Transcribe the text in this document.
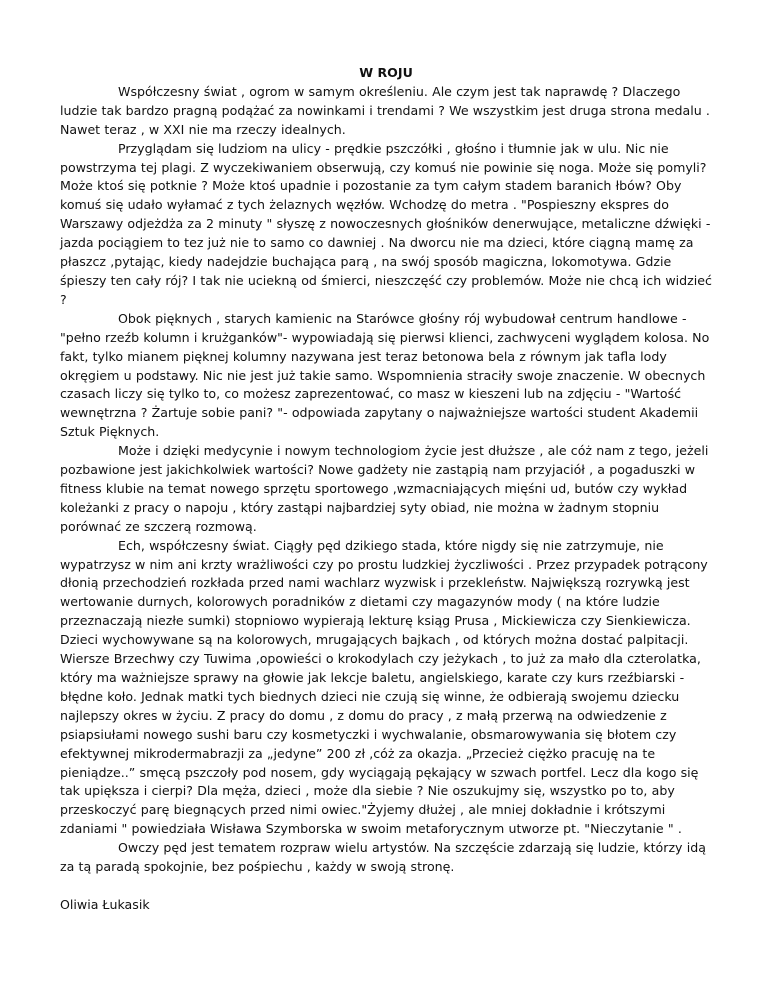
W ROJU

Współczesny świat , ogrom w samym określeniu. Ale czym jest tak naprawdę ? Dlaczego ludzie tak bardzo pragną podążać za nowinkami i trendami ? We wszystkim jest druga strona medalu . Nawet teraz , w XXI nie ma rzeczy idealnych.

Przyglądam się ludziom na ulicy - prędkie pszczółki , głośno i tłumnie jak w ulu. Nic nie powstrzyma tej plagi. Z wyczekiwaniem obserwują, czy komuś nie powinie się noga. Może się pomyli? Może ktoś się potknie ? Może ktoś upadnie i pozostanie za tym całym stadem baranich łbów? Oby komuś się udało wyłamać z tych żelaznych węzłów. Wchodzę do metra . "Pospieszny ekspres do Warszawy odjeżdża za 2 minuty " słyszę z nowoczesnych głośników denerwujące, metaliczne dźwięki - jazda pociągiem to tez już nie to samo co dawniej . Na dworcu nie ma dzieci, które ciągną mamę za płaszcz ,pytając, kiedy nadejdzie buchająca parą , na swój sposób magiczna, lokomotywa. Gdzie śpieszy ten cały rój? I tak nie uciekną od śmierci, nieszczęść czy problemów. Może nie chcą ich widzieć ?

Obok pięknych , starych kamienic na Starówce głośny rój wybudował centrum handlowe -"pełno rzeźb kolumn i krużganków"- wypowiadają się pierwsi klienci, zachwyceni wyglądem kolosa. No fakt, tylko mianem pięknej kolumny nazywana jest teraz betonowa bela z równym jak tafla lody okręgiem u podstawy. Nic nie jest już takie samo. Wspomnienia straciły swoje znaczenie. W obecnych czasach liczy się tylko to, co możesz zaprezentować, co masz w kieszeni lub na zdjęciu - "Wartość wewnętrzna ? Żartuje sobie pani? "- odpowiada zapytany o najważniejsze wartości student Akademii Sztuk Pięknych.

Może i dzięki medycynie i nowym technologiom życie jest dłuższe , ale cóż nam z tego, jeżeli pozbawione jest jakichkolwiek wartości? Nowe gadżety nie zastąpią nam przyjaciół , a pogaduszki w fitness klubie na temat nowego sprzętu sportowego ,wzmacniających mięśni ud, butów czy wykład koleżanki z pracy o napoju , który zastąpi najbardziej syty obiad, nie można w żadnym stopniu porównać ze szczerą rozmową.

Ech, współczesny świat. Ciągły pęd dzikiego stada, które nigdy się nie zatrzymuje, nie wypatrzysz w nim ani krzty wrażliwości czy po prostu ludzkiej życzliwości . Przez przypadek potrącony dłonią przechodzień rozkłada przed nami wachlarz wyzwisk i przekleństw. Największą rozrywką jest wertowanie durnych, kolorowych poradników z dietami czy magazynów mody ( na które ludzie przeznaczają niezłe sumki) stopniowo wypierają lekturę ksiąg Prusa , Mickiewicza czy Sienkiewicza. Dzieci wychowywane są na kolorowych, mrugających bajkach , od których można dostać palpitacji. Wiersze Brzechwy czy Tuwima ,opowieści o krokodylach czy jeżykach , to już za mało dla czterolatka, który ma ważniejsze sprawy na głowie jak lekcje baletu, angielskiego, karate czy kurs rzeźbiarski - błędne koło. Jednak matki tych biednych dzieci nie czują się winne, że odbierają swojemu dziecku najlepszy okres w życiu. Z pracy do domu , z domu do pracy , z małą przerwą na odwiedzenie z psiapsiułami nowego sushi baru czy kosmetyczki i wychwalanie, obsmarowywania się błotem czy efektywnej mikrodermabrazji za „jedyne” 200 zł ,cóż za okazja. „Przecież ciężko pracuję na te pieniądze..” smęcą pszczoły pod nosem, gdy wyciągają pękający w szwach portfel. Lecz dla kogo się tak upiększa i cierpi? Dla męża, dzieci , może dla siebie ? Nie oszukujmy się, wszystko po to, aby przeskoczyć parę biegnących przed nimi owiec."Żyjemy dłużej , ale mniej dokładnie i krótszymi zdaniami " powiedziała Wisława Szymborska w swoim metaforycznym utworze pt. "Nieczytanie " .

Owczy pęd jest tematem rozpraw wielu artystów. Na szczęście zdarzają się ludzie, którzy idą za tą paradą spokojnie, bez pośpiechu , każdy w swoją stronę.

Oliwia Łukasik
